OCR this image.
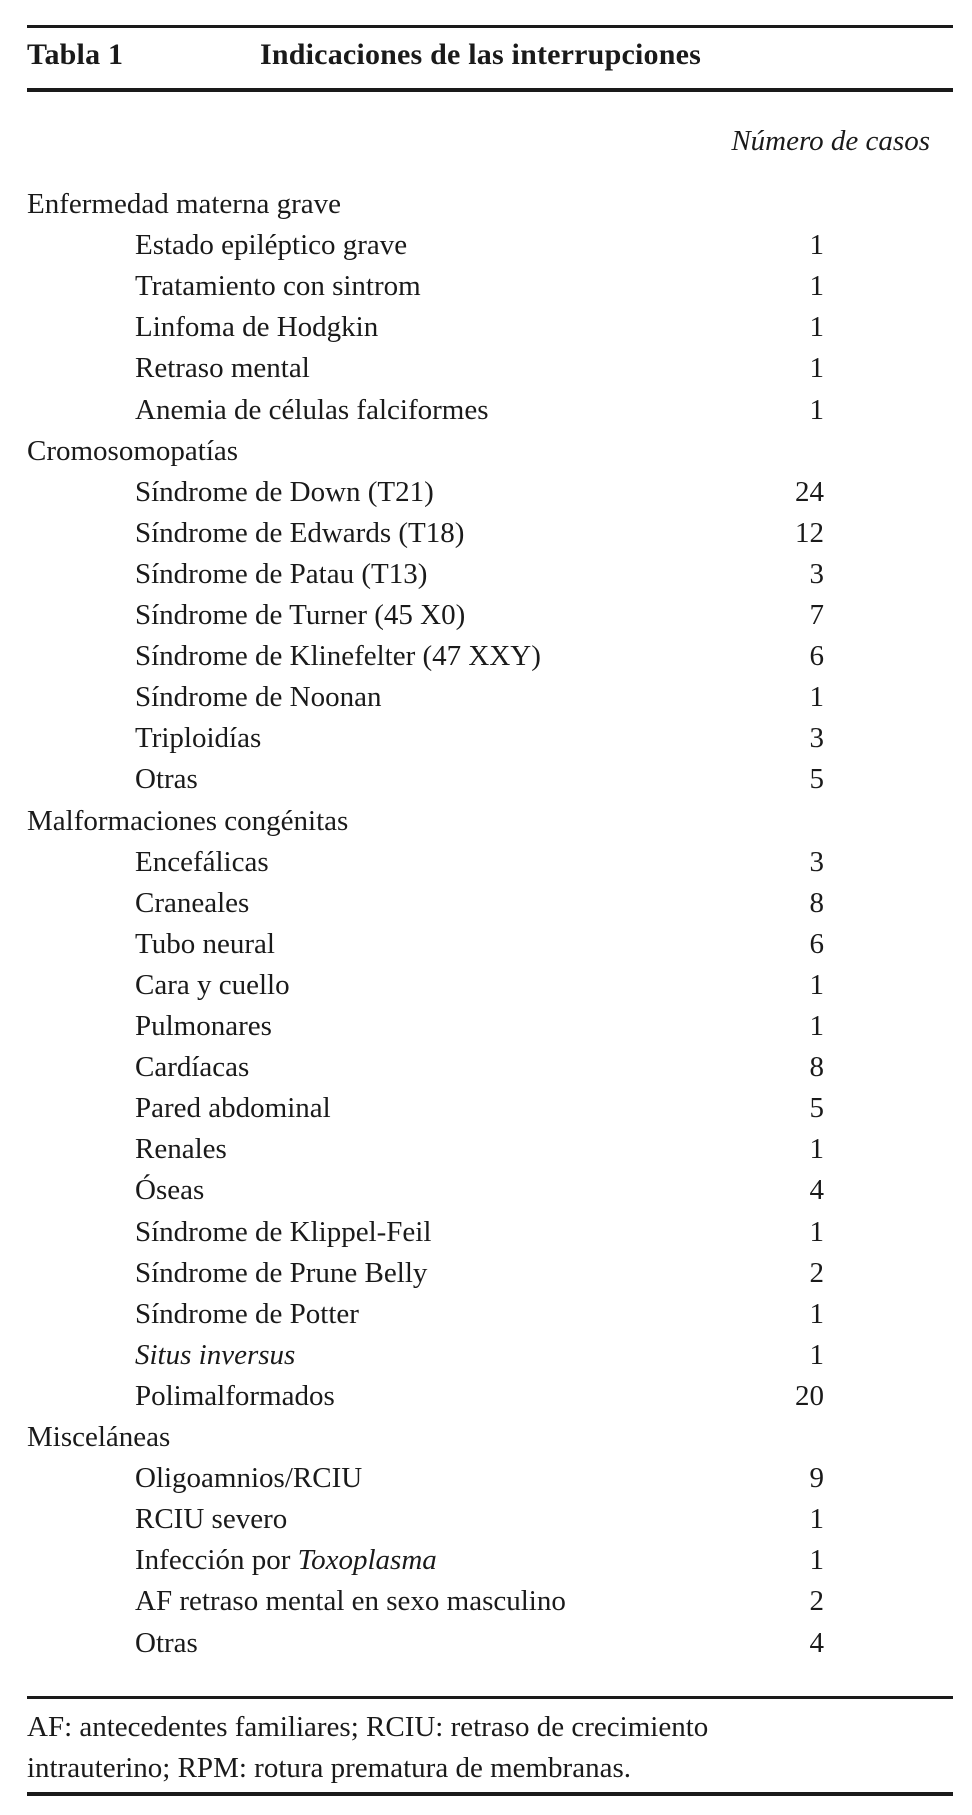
Tabla 1	Indicaciones de las interrupciones
Número de casos
Enfermedad materna grave
Estado epiléptico grave	1
Tratamiento con sintrom	1
Linfoma de Hodgkin	1
Retraso mental	1
Anemia de células falciformes	1
Cromosomopatías
Síndrome de Down (T21)	24
Síndrome de Edwards (T18)	12
Síndrome de Patau (T13)	3
Síndrome de Turner (45 X0)	7
Síndrome de Klinefelter (47 XXY)	6
Síndrome de Noonan	1
Triploidías	3
Otras	5
Malformaciones congénitas
Encefálicas	3
Craneales	8
Tubo neural	6
Cara y cuello	1
Pulmonares	1
Cardíacas	8
Pared abdominal	5
Renales	1
Óseas	4
Síndrome de Klippel-Feil	1
Síndrome de Prune Belly	2
Síndrome de Potter	1
Situs inversus	1
Polimalformados	20
Misceláneas
Oligoamnios/RCIU	9
RCIU severo	1
Infección por Toxoplasma	1
AF retraso mental en sexo masculino	2
Otras	4
AF: antecedentes familiares; RCIU: retraso de crecimiento
intrauterino; RPM: rotura prematura de membranas.
